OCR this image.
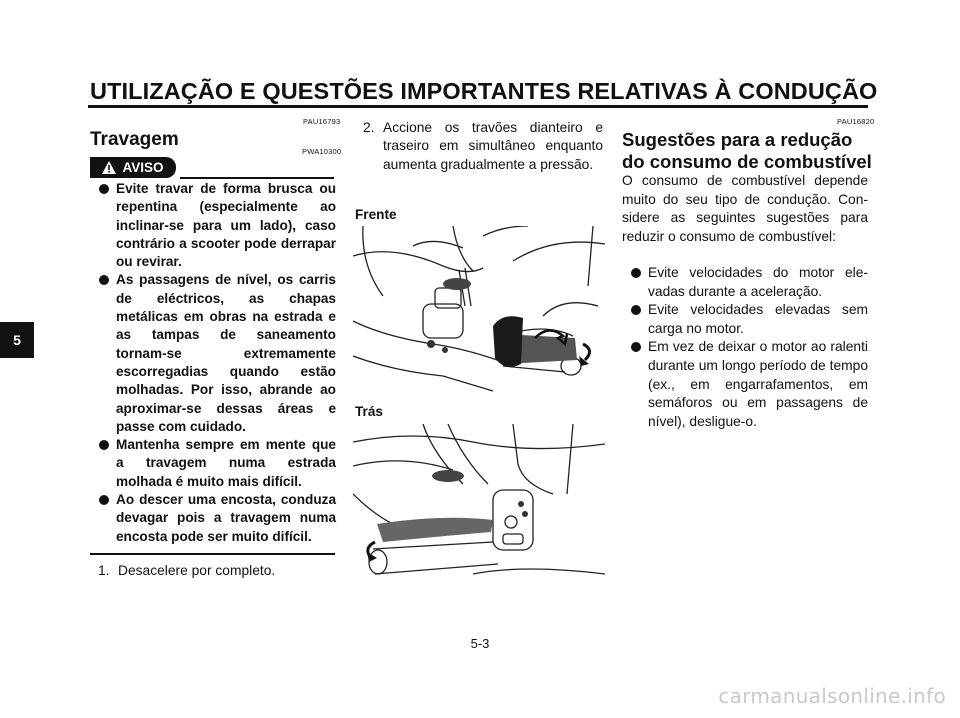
UTILIZAÇÃO E QUESTÕES IMPORTANTES RELATIVAS À CONDUÇÃO
5
PAU16793
Travagem
PWA10300
AVISO
Evite travar de forma brusca ou repentina (especialmente ao inclinar-se para um lado), caso contrário a scooter pode derrapar ou revirar.
As passagens de nível, os carris de eléctricos, as chapas metálicas em obras na estrada e as tampas de saneamento tornam-se extremamente escorregadias quando estão molhadas. Por isso, abrande ao aproximar-se dessas áreas e passe com cuidado.
Mantenha sempre em mente que a travagem numa estrada molhada é muito mais difícil.
Ao descer uma encosta, conduza devagar pois a travagem numa encosta pode ser muito difícil.
1. Desacelere por completo.
2. Accione os travões dianteiro e traseiro em simultâneo enquanto aumenta gradualmente a pressão.
Frente
Trás
PAU16820
Sugestões para a redução do consumo de combustível
O consumo de combustível depende muito do seu tipo de condução. Considere as seguintes sugestões para reduzir o consumo de combustível:
Evite velocidades do motor elevadas durante a aceleração.
Evite velocidades elevadas sem carga no motor.
Em vez de deixar o motor ao ralenti durante um longo período de tempo (ex., em engarrafamentos, em semáforos ou em passagens de nível), desligue-o.
5-3
carmanualsonline.info
